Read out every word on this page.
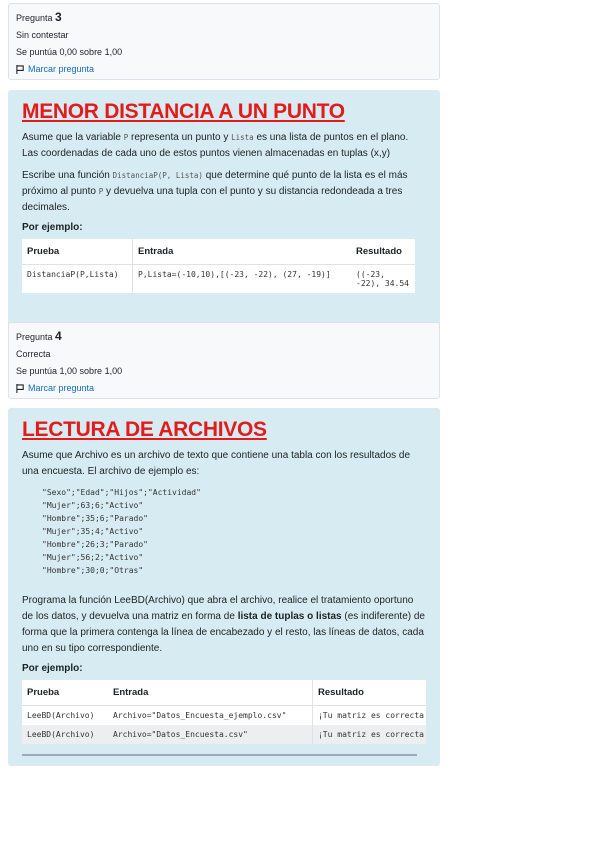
Pregunta 3
Sin contestar
Se puntúa 0,00 sobre 1,00
Marcar pregunta
MENOR DISTANCIA A UN PUNTO

Asume que la variable P representa un punto y Lista es una lista de puntos en el plano. Las coordenadas de cada uno de estos puntos vienen almacenadas en tuplas (x,y)

Escribe una función DistanciaP(P, Lista) que determine qué punto de la lista es el más próximo al punto P y devuelva una tupla con el punto y su distancia redondeada a tres decimales.

Por ejemplo:
Prueba	Entrada	Resultado
DistanciaP(P,Lista)	P,Lista=(-10,10),[(-23, -22), (27, -19)]	((-23, -22), 34.54
Pregunta 4
Correcta
Se puntúa 1,00 sobre 1,00
Marcar pregunta
LECTURA DE ARCHIVOS

Asume que Archivo es un archivo de texto que contiene una tabla con los resultados de una encuesta. El archivo de ejemplo es:

"Sexo";"Edad";"Hijos";"Actividad"
"Mujer";63;6;"Activo"
"Hombre";35;6;"Parado"
"Mujer";35;4;"Activo"
"Hombre";26;3;"Parado"
"Mujer";56;2;"Activo"
"Hombre";30;0;"Otras"

Programa la función LeeBD(Archivo) que abra el archivo, realice el tratamiento oportuno de los datos, y devuelva una matriz en forma de lista de tuplas o listas (es indiferente) de forma que la primera contenga la línea de encabezado y el resto, las líneas de datos, cada uno en su tipo correspondiente.

Por ejemplo:
Prueba	Entrada	Resultado
LeeBD(Archivo)	Archivo="Datos_Encuesta_ejemplo.csv"	¡Tu matriz es correcta
LeeBD(Archivo)	Archivo="Datos_Encuesta.csv"	¡Tu matriz es correcta
